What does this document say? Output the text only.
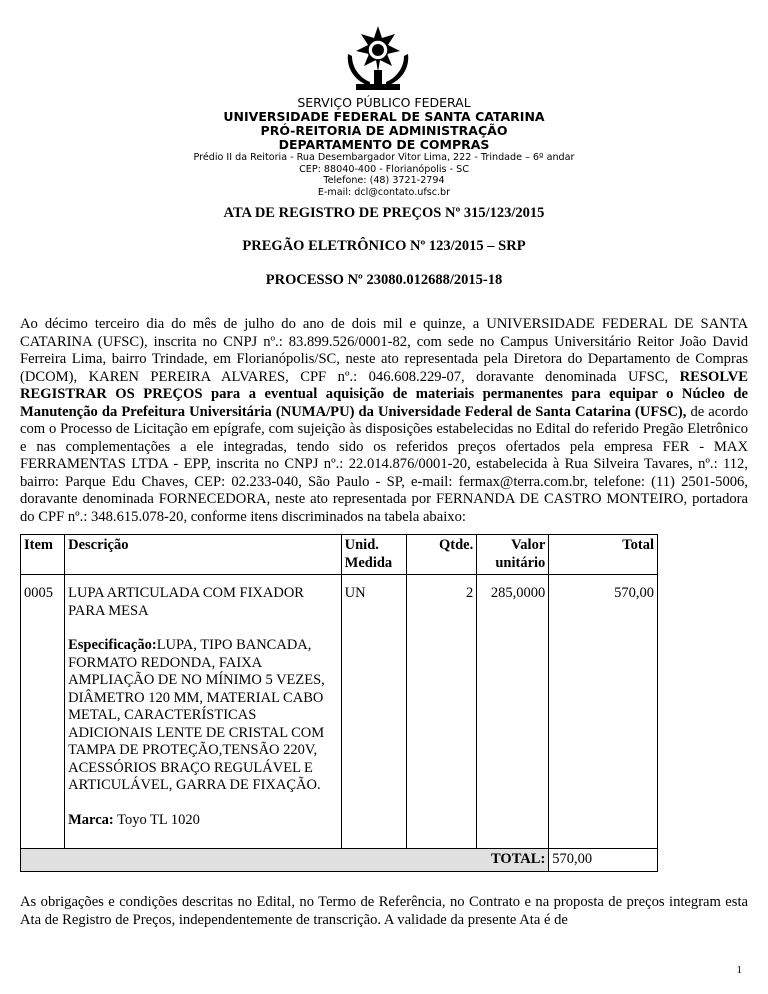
SERVIÇO PÚBLICO FEDERAL
UNIVERSIDADE FEDERAL DE SANTA CATARINA
PRÓ-REITORIA DE ADMINISTRAÇÃO
DEPARTAMENTO DE COMPRAS
Prédio II da Reitoria - Rua Desembargador Vitor Lima, 222 - Trindade – 6º andar
CEP: 88040-400 - Florianópolis - SC
Telefone: (48) 3721-2794
E-mail: dcl@contato.ufsc.br
ATA DE REGISTRO DE PREÇOS Nº 315/123/2015
PREGÃO ELETRÔNICO Nº 123/2015 – SRP
PROCESSO Nº 23080.012688/2015-18
Ao décimo terceiro dia do mês de julho do ano de dois mil e quinze, a UNIVERSIDADE FEDERAL DE SANTA CATARINA (UFSC), inscrita no CNPJ nº.: 83.899.526/0001-82, com sede no Campus Universitário Reitor João David Ferreira Lima, bairro Trindade, em Florianópolis/SC, neste ato representada pela Diretora do Departamento de Compras (DCOM), KAREN PEREIRA ALVARES, CPF nº.: 046.608.229-07, doravante denominada UFSC, RESOLVE REGISTRAR OS PREÇOS para a eventual aquisição de materiais permanentes para equipar o Núcleo de Manutenção da Prefeitura Universitária (NUMA/PU) da Universidade Federal de Santa Catarina (UFSC), de acordo com o Processo de Licitação em epígrafe, com sujeição às disposições estabelecidas no Edital do referido Pregão Eletrônico e nas complementações a ele integradas, tendo sido os referidos preços ofertados pela empresa FER - MAX FERRAMENTAS LTDA - EPP, inscrita no CNPJ nº.: 22.014.876/0001-20, estabelecida à Rua Silveira Tavares, nº.: 112, bairro: Parque Edu Chaves, CEP: 02.233-040, São Paulo - SP, e-mail: fermax@terra.com.br, telefone: (11) 2501-5006, doravante denominada FORNECEDORA, neste ato representada por FERNANDA DE CASTRO MONTEIRO, portadora do CPF nº.: 348.615.078-20, conforme itens discriminados na tabela abaixo:
Item	Descrição	Unid. Medida	Qtde.	Valor unitário	Total
0005	LUPA ARTICULADA COM FIXADOR PARA MESA
Especificação:LUPA, TIPO BANCADA, FORMATO REDONDA, FAIXA AMPLIAÇÃO DE NO MÍNIMO 5 VEZES, DIÂMETRO 120 MM, MATERIAL CABO METAL, CARACTERÍSTICAS ADICIONAIS LENTE DE CRISTAL COM TAMPA DE PROTEÇÃO,TENSÃO 220V, ACESSÓRIOS BRAÇO REGULÁVEL E ARTICULÁVEL, GARRA DE FIXAÇÃO.
Marca: Toyo TL 1020	UN	2	285,0000	570,00
TOTAL:					570,00
As obrigações e condições descritas no Edital, no Termo de Referência, no Contrato e na proposta de preços integram esta Ata de Registro de Preços, independentemente de transcrição. A validade da presente Ata é de
1
